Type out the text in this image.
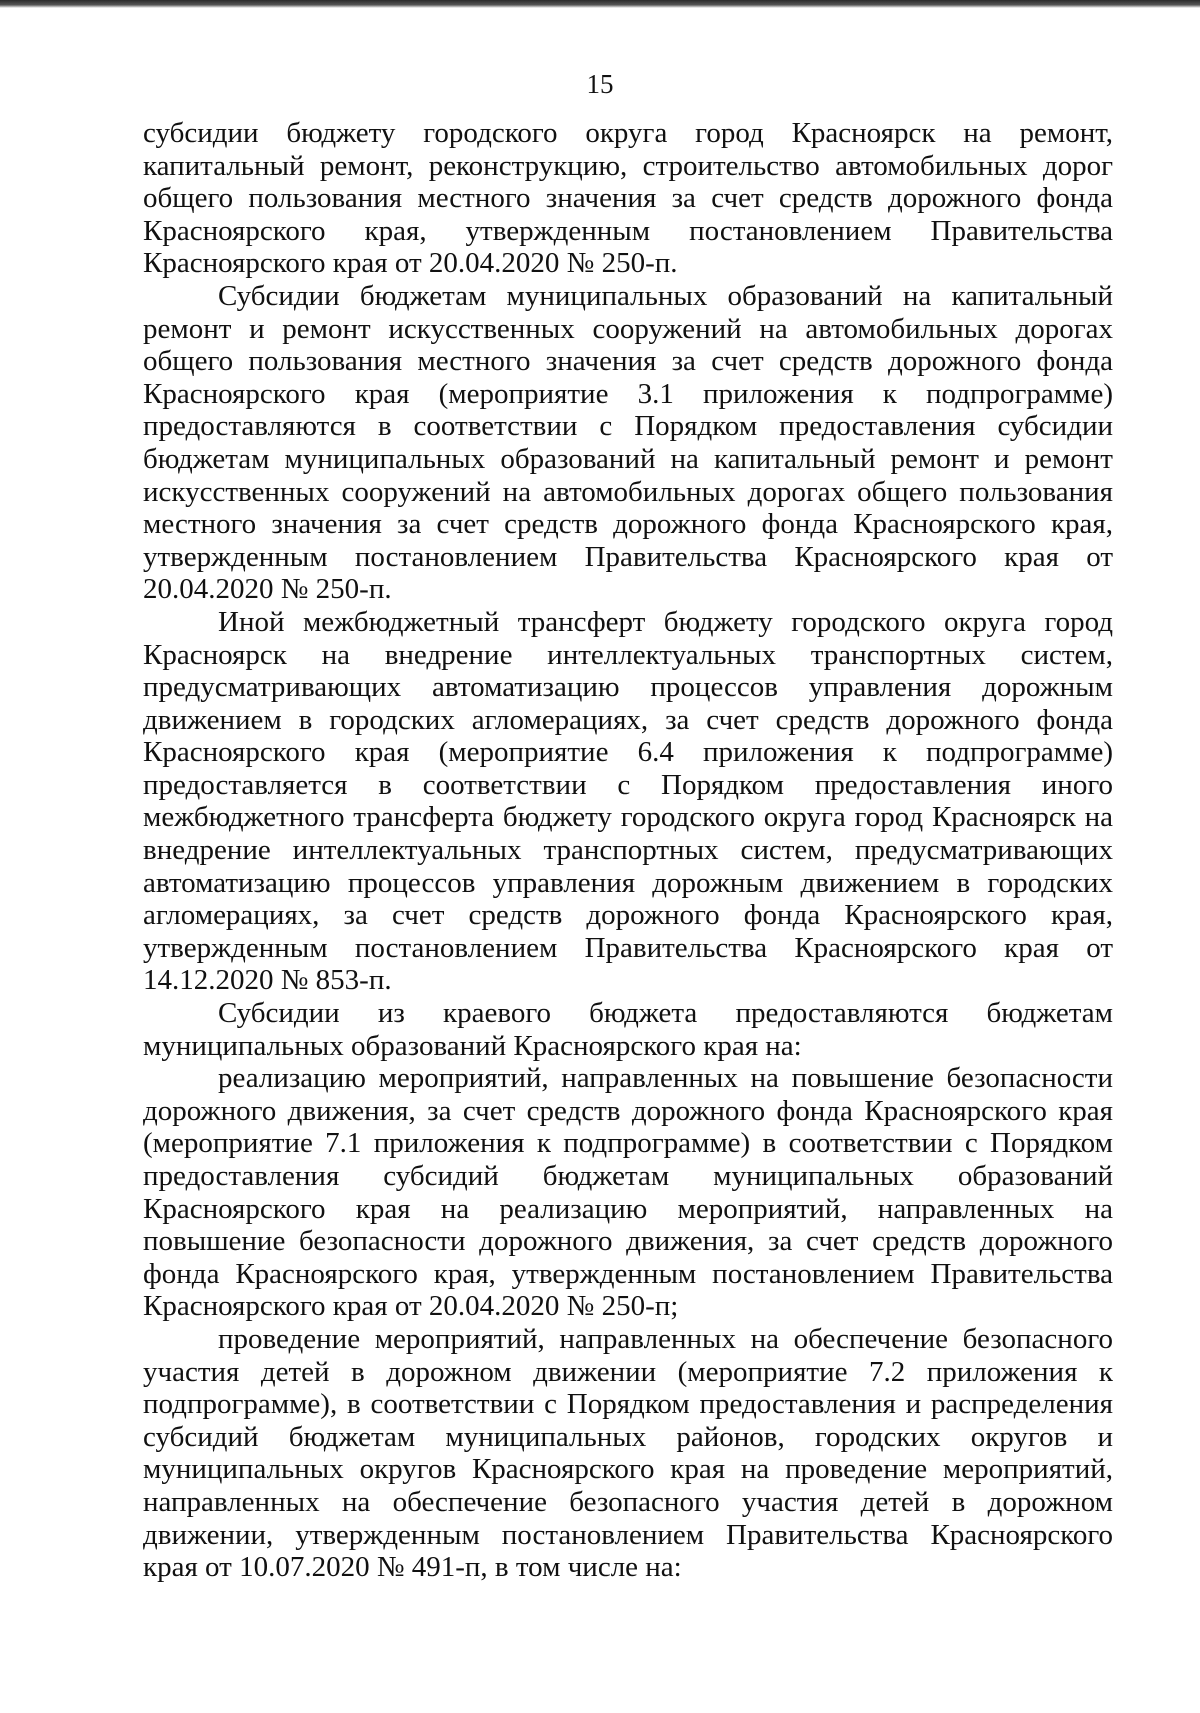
15

субсидии бюджету городского округа город Красноярск на ремонт, капитальный ремонт, реконструкцию, строительство автомобильных дорог общего пользования местного значения за счет средств дорожного фонда Красноярского края, утвержденным постановлением Правительства Красноярского края от 20.04.2020 № 250-п.

Субсидии бюджетам муниципальных образований на капитальный ремонт и ремонт искусственных сооружений на автомобильных дорогах общего пользования местного значения за счет средств дорожного фонда Красноярского края (мероприятие 3.1 приложения к подпрограмме) предоставляются в соответствии с Порядком предоставления субсидии бюджетам муниципальных образований на капитальный ремонт и ремонт искусственных сооружений на автомобильных дорогах общего пользования местного значения за счет средств дорожного фонда Красноярского края, утвержденным постановлением Правительства Красноярского края от 20.04.2020 № 250-п.

Иной межбюджетный трансферт бюджету городского округа город Красноярск на внедрение интеллектуальных транспортных систем, предусматривающих автоматизацию процессов управления дорожным движением в городских агломерациях, за счет средств дорожного фонда Красноярского края (мероприятие 6.4 приложения к подпрограмме) предоставляется в соответствии с Порядком предоставления иного межбюджетного трансферта бюджету городского округа город Красноярск на внедрение интеллектуальных транспортных систем, предусматривающих автоматизацию процессов управления дорожным движением в городских агломерациях, за счет средств дорожного фонда Красноярского края, утвержденным постановлением Правительства Красноярского края от 14.12.2020 № 853-п.

Субсидии из краевого бюджета предоставляются бюджетам муниципальных образований Красноярского края на:

реализацию мероприятий, направленных на повышение безопасности дорожного движения, за счет средств дорожного фонда Красноярского края (мероприятие 7.1 приложения к подпрограмме) в соответствии с Порядком предоставления субсидий бюджетам муниципальных образований Красноярского края на реализацию мероприятий, направленных на повышение безопасности дорожного движения, за счет средств дорожного фонда Красноярского края, утвержденным постановлением Правительства Красноярского края от 20.04.2020 № 250-п;

проведение мероприятий, направленных на обеспечение безопасного участия детей в дорожном движении (мероприятие 7.2 приложения к подпрограмме), в соответствии с Порядком предоставления и распределения субсидий бюджетам муниципальных районов, городских округов и муниципальных округов Красноярского края на проведение мероприятий, направленных на обеспечение безопасного участия детей в дорожном движении, утвержденным постановлением Правительства Красноярского края от 10.07.2020 № 491-п, в том числе на:
